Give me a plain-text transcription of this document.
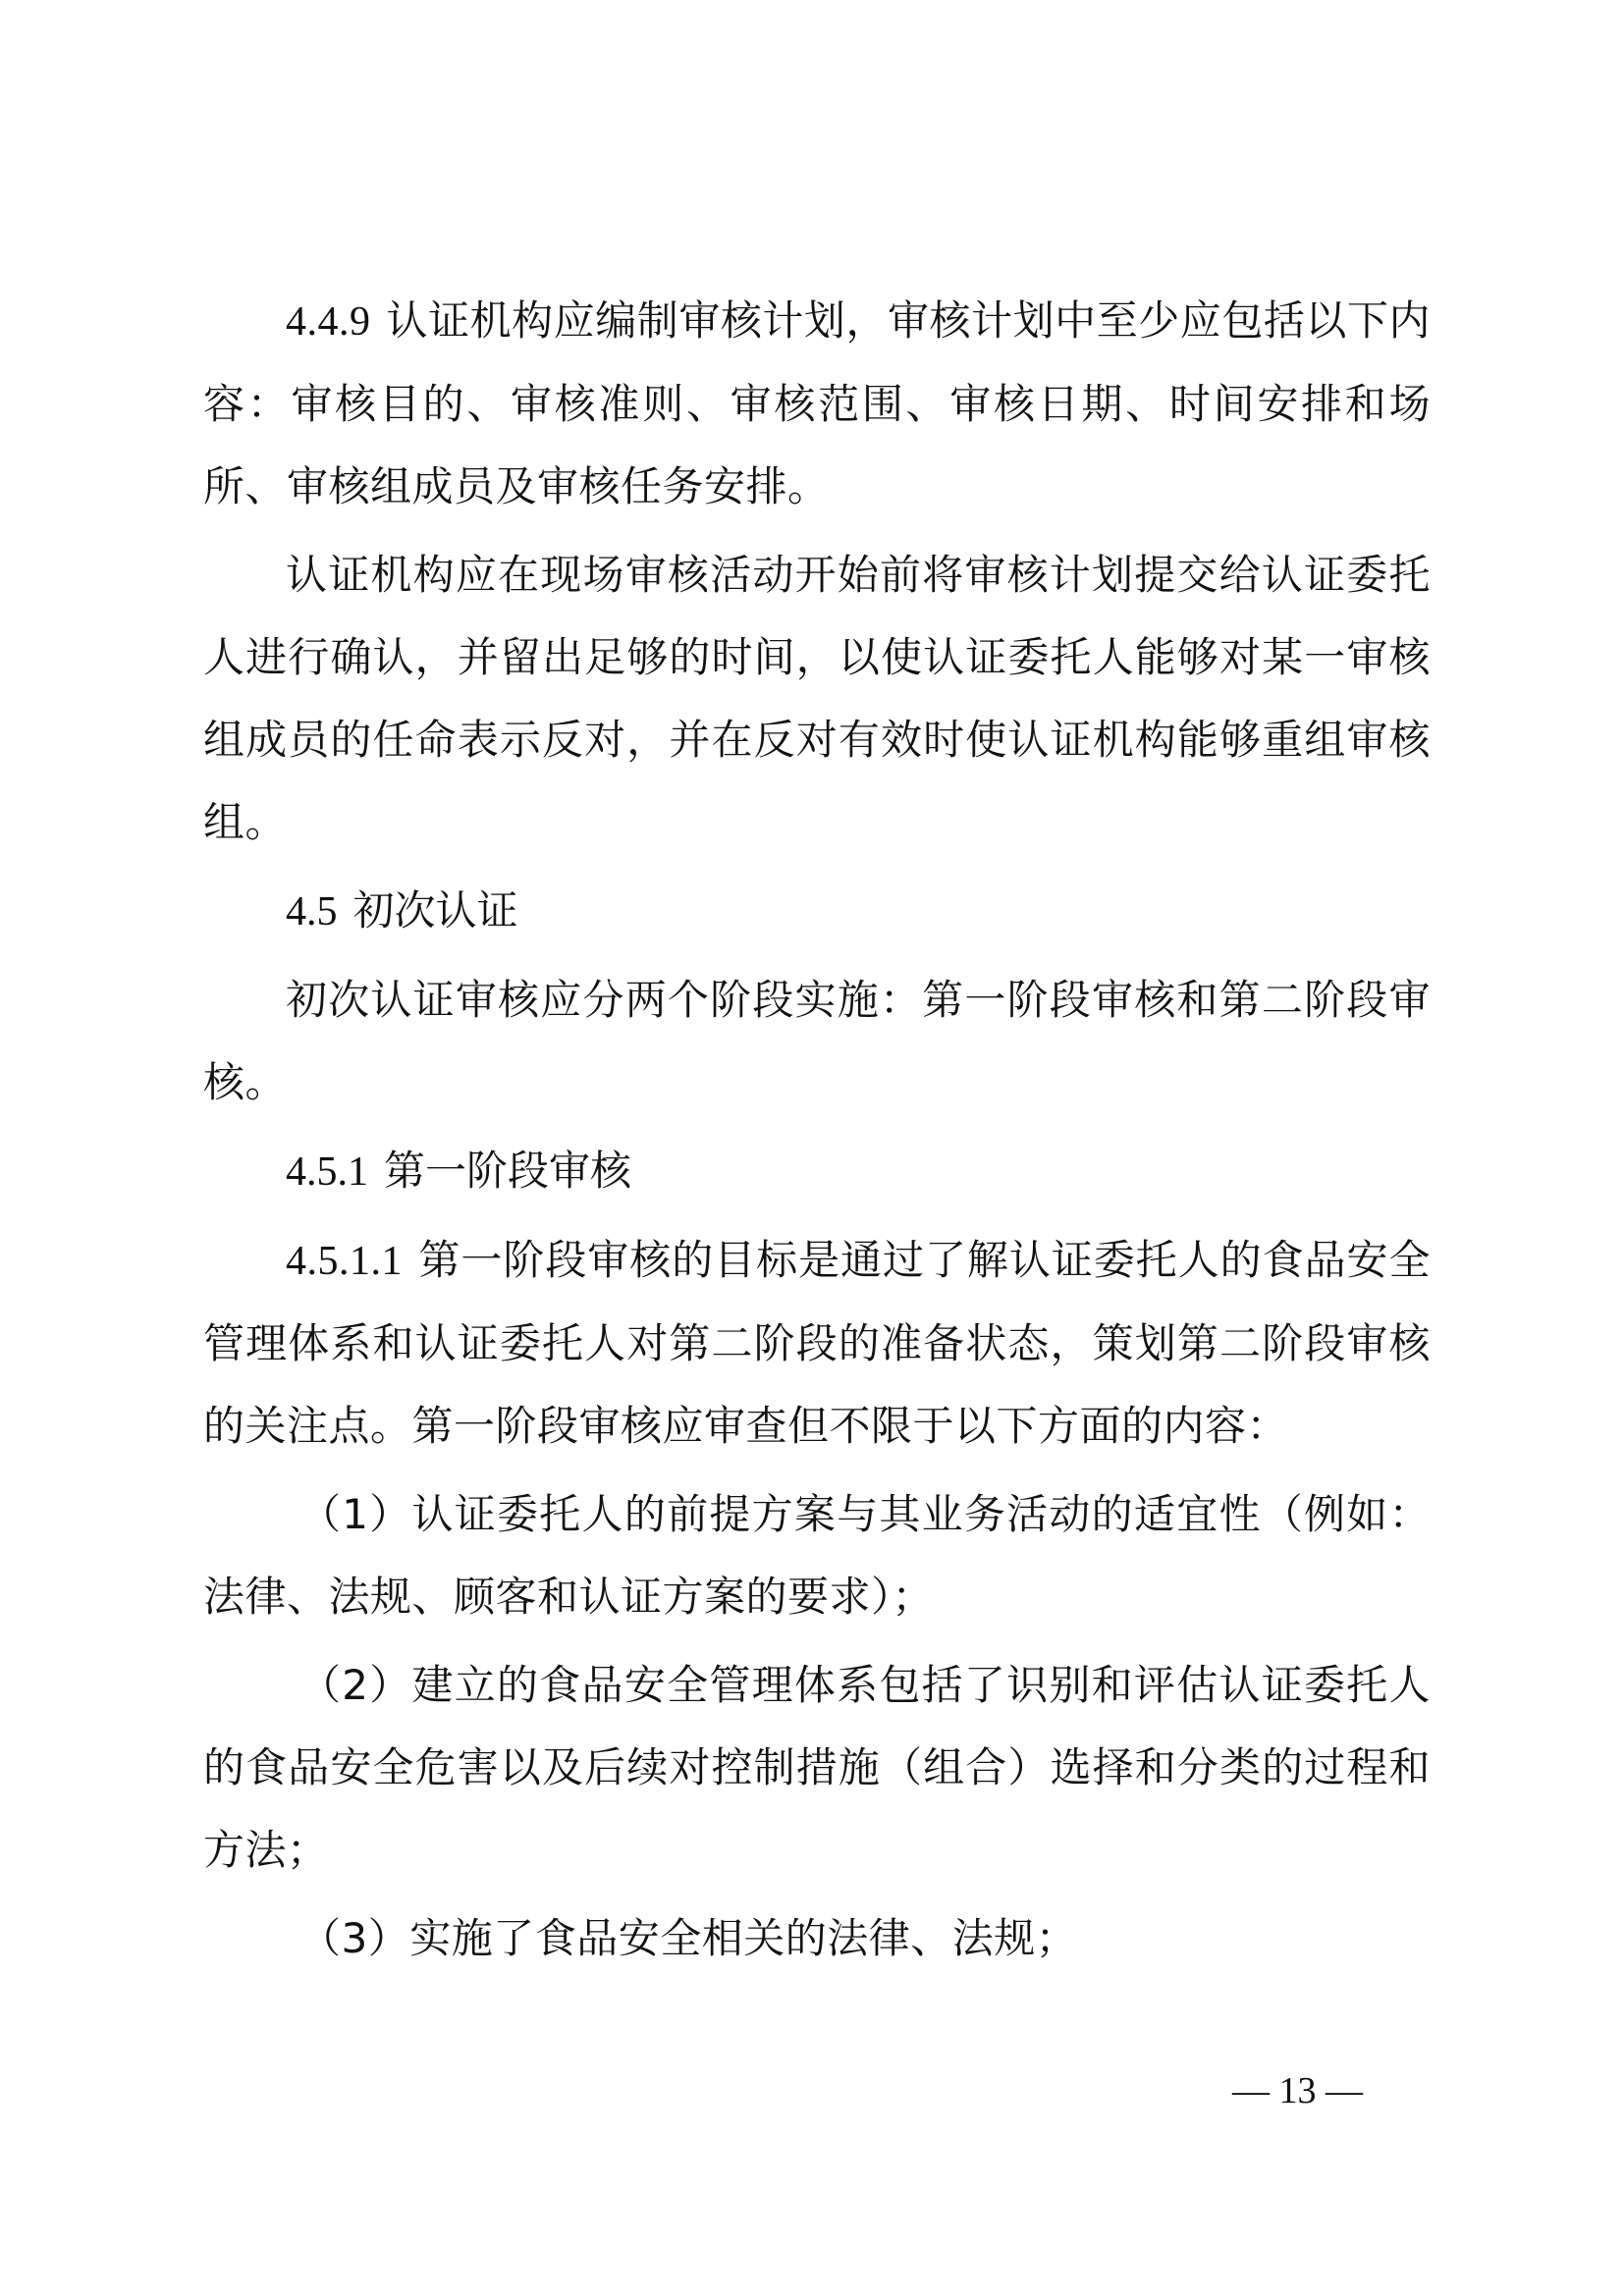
4.4.9 认证机构应编制审核计划，审核计划中至少应包括以下内容：审核目的、审核准则、审核范围、审核日期、时间安排和场所、审核组成员及审核任务安排。

认证机构应在现场审核活动开始前将审核计划提交给认证委托人进行确认，并留出足够的时间，以使认证委托人能够对某一审核组成员的任命表示反对，并在反对有效时使认证机构能够重组审核组。

4.5 初次认证

初次认证审核应分两个阶段实施：第一阶段审核和第二阶段审核。

4.5.1 第一阶段审核

4.5.1.1 第一阶段审核的目标是通过了解认证委托人的食品安全管理体系和认证委托人对第二阶段的准备状态，策划第二阶段审核的关注点。第一阶段审核应审查但不限于以下方面的内容：

（1）认证委托人的前提方案与其业务活动的适宜性（例如：法律、法规、顾客和认证方案的要求）；

（2）建立的食品安全管理体系包括了识别和评估认证委托人的食品安全危害以及后续对控制措施（组合）选择和分类的过程和方法；

（3）实施了食品安全相关的法律、法规；

— 13 —
